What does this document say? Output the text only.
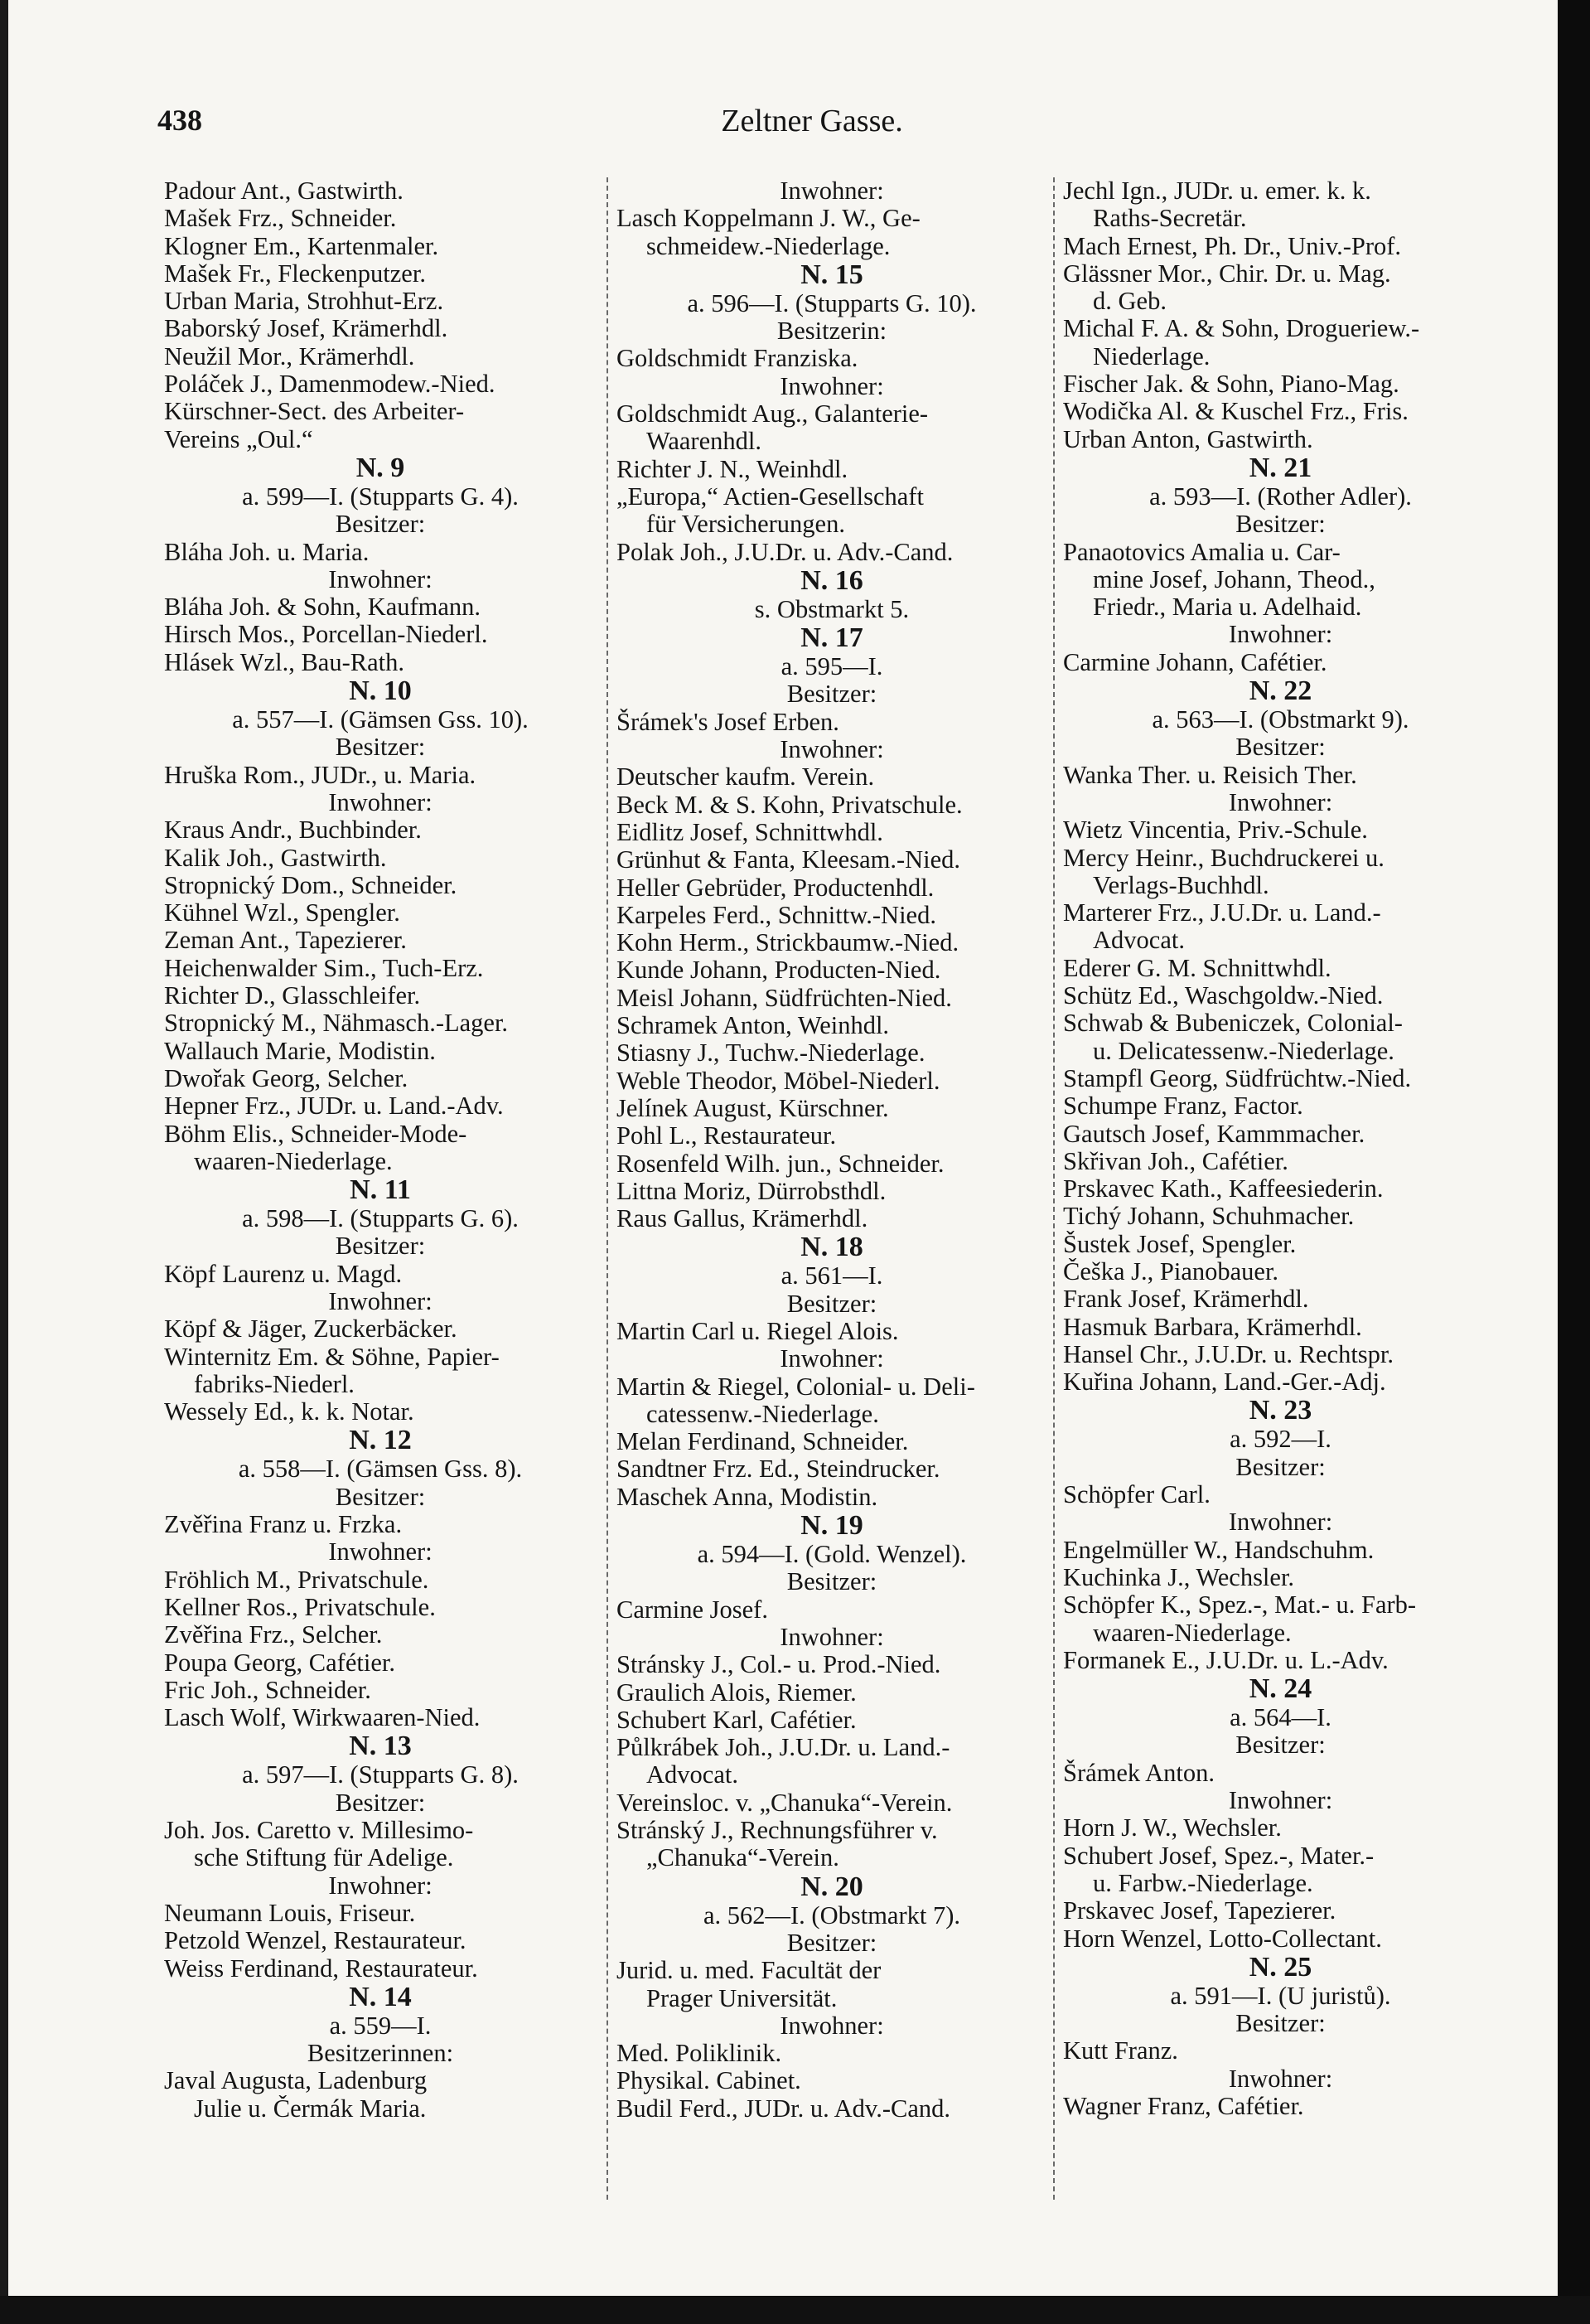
438	Zeltner Gasse.
Padour Ant., Gastwirth.
Mašek Frz., Schneider.
Klogner Em., Kartenmaler.
Mašek Fr., Fleckenputzer.
Urban Maria, Strohhut-Erz.
Baborský Josef, Krämerhdl.
Neužil Mor., Krämerhdl.
Poláček J., Damenmodew.-Nied.
Kürschner-Sect. des Arbeiter-
Vereins „Oul.“
N. 9
a. 599—I. (Stupparts G. 4).
Besitzer:
Bláha Joh. u. Maria.
Inwohner:
Bláha Joh. & Sohn, Kaufmann.
Hirsch Mos., Porcellan-Niederl.
Hlásek Wzl., Bau-Rath.
N. 10
a. 557—I. (Gämsen Gss. 10).
Besitzer:
Hruška Rom., JUDr., u. Maria.
Inwohner:
Kraus Andr., Buchbinder.
Kalik Joh., Gastwirth.
Stropnický Dom., Schneider.
Kühnel Wzl., Spengler.
Zeman Ant., Tapezierer.
Heichenwalder Sim., Tuch-Erz.
Richter D., Glasschleifer.
Stropnický M., Nähmasch.-Lager.
Wallauch Marie, Modistin.
Dwořak Georg, Selcher.
Hepner Frz., JUDr. u. Land.-Adv.
Böhm Elis., Schneider-Mode-
waaren-Niederlage.
N. 11
a. 598—I. (Stupparts G. 6).
Besitzer:
Köpf Laurenz u. Magd.
Inwohner:
Köpf & Jäger, Zuckerbäcker.
Winternitz Em. & Söhne, Papier-
fabriks-Niederl.
Wessely Ed., k. k. Notar.
N. 12
a. 558—I. (Gämsen Gss. 8).
Besitzer:
Zvěřina Franz u. Frzka.
Inwohner:
Fröhlich M., Privatschule.
Kellner Ros., Privatschule.
Zvěřina Frz., Selcher.
Poupa Georg, Cafétier.
Fric Joh., Schneider.
Lasch Wolf, Wirkwaaren-Nied.
N. 13
a. 597—I. (Stupparts G. 8).
Besitzer:
Joh. Jos. Caretto v. Millesimo-
sche Stiftung für Adelige.
Inwohner:
Neumann Louis, Friseur.
Petzold Wenzel, Restaurateur.
Weiss Ferdinand, Restaurateur.
N. 14
a. 559—I.
Besitzerinnen:
Javal Augusta, Ladenburg
Julie u. Čermák Maria.
Inwohner:
Lasch Koppelmann J. W., Ge-
schmeidew.-Niederlage.
N. 15
a. 596—I. (Stupparts G. 10).
Besitzerin:
Goldschmidt Franziska.
Inwohner:
Goldschmidt Aug., Galanterie-
Waarenhdl.
Richter J. N., Weinhdl.
„Europa,“ Actien-Gesellschaft
für Versicherungen.
Polak Joh., J.U.Dr. u. Adv.-Cand.
N. 16
s. Obstmarkt 5.
N. 17
a. 595—I.
Besitzer:
Šrámek's Josef Erben.
Inwohner:
Deutscher kaufm. Verein.
Beck M. & S. Kohn, Privatschule.
Eidlitz Josef, Schnittwhdl.
Grünhut & Fanta, Kleesam.-Nied.
Heller Gebrüder, Productenhdl.
Karpeles Ferd., Schnittw.-Nied.
Kohn Herm., Strickbaumw.-Nied.
Kunde Johann, Producten-Nied.
Meisl Johann, Südfrüchten-Nied.
Schramek Anton, Weinhdl.
Stiasny J., Tuchw.-Niederlage.
Weble Theodor, Möbel-Niederl.
Jelínek August, Kürschner.
Pohl L., Restaurateur.
Rosenfeld Wilh. jun., Schneider.
Littna Moriz, Dürrobsthdl.
Raus Gallus, Krämerhdl.
N. 18
a. 561—I.
Besitzer:
Martin Carl u. Riegel Alois.
Inwohner:
Martin & Riegel, Colonial- u. Deli-
catessenw.-Niederlage.
Melan Ferdinand, Schneider.
Sandtner Frz. Ed., Steindrucker.
Maschek Anna, Modistin.
N. 19
a. 594—I. (Gold. Wenzel).
Besitzer:
Carmine Josef.
Inwohner:
Stránsky J., Col.- u. Prod.-Nied.
Graulich Alois, Riemer.
Schubert Karl, Cafétier.
Půlkrábek Joh., J.U.Dr. u. Land.-
Advocat.
Vereinsloc. v. „Chanuka“-Verein.
Stránský J., Rechnungsführer v.
„Chanuka“-Verein.
N. 20
a. 562—I. (Obstmarkt 7).
Besitzer:
Jurid. u. med. Facultät der
Prager Universität.
Inwohner:
Med. Poliklinik.
Physikal. Cabinet.
Budil Ferd., JUDr. u. Adv.-Cand.
Jechl Ign., JUDr. u. emer. k. k.
Raths-Secretär.
Mach Ernest, Ph. Dr., Univ.-Prof.
Glässner Mor., Chir. Dr. u. Mag.
d. Geb.
Michal F. A. & Sohn, Drogueriew.-
Niederlage.
Fischer Jak. & Sohn, Piano-Mag.
Wodička Al. & Kuschel Frz., Fris.
Urban Anton, Gastwirth.
N. 21
a. 593—I. (Rother Adler).
Besitzer:
Panaotovics Amalia u. Car-
mine Josef, Johann, Theod.,
Friedr., Maria u. Adelhaid.
Inwohner:
Carmine Johann, Cafétier.
N. 22
a. 563—I. (Obstmarkt 9).
Besitzer:
Wanka Ther. u. Reisich Ther.
Inwohner:
Wietz Vincentia, Priv.-Schule.
Mercy Heinr., Buchdruckerei u.
Verlags-Buchhdl.
Marterer Frz., J.U.Dr. u. Land.-
Advocat.
Ederer G. M. Schnittwhdl.
Schütz Ed., Waschgoldw.-Nied.
Schwab & Bubeniczek, Colonial-
u. Delicatessenw.-Niederlage.
Stampfl Georg, Südfrüchtw.-Nied.
Schumpe Franz, Factor.
Gautsch Josef, Kammmacher.
Skřivan Joh., Cafétier.
Prskavec Kath., Kaffeesiederin.
Tichý Johann, Schuhmacher.
Šustek Josef, Spengler.
Češka J., Pianobauer.
Frank Josef, Krämerhdl.
Hasmuk Barbara, Krämerhdl.
Hansel Chr., J.U.Dr. u. Rechtspr.
Kuřina Johann, Land.-Ger.-Adj.
N. 23
a. 592—I.
Besitzer:
Schöpfer Carl.
Inwohner:
Engelmüller W., Handschuhm.
Kuchinka J., Wechsler.
Schöpfer K., Spez.-, Mat.- u. Farb-
waaren-Niederlage.
Formanek E., J.U.Dr. u. L.-Adv.
N. 24
a. 564—I.
Besitzer:
Šrámek Anton.
Inwohner:
Horn J. W., Wechsler.
Schubert Josef, Spez.-, Mater.-
u. Farbw.-Niederlage.
Prskavec Josef, Tapezierer.
Horn Wenzel, Lotto-Collectant.
N. 25
a. 591—I. (U juristů).
Besitzer:
Kutt Franz.
Inwohner:
Wagner Franz, Cafétier.
